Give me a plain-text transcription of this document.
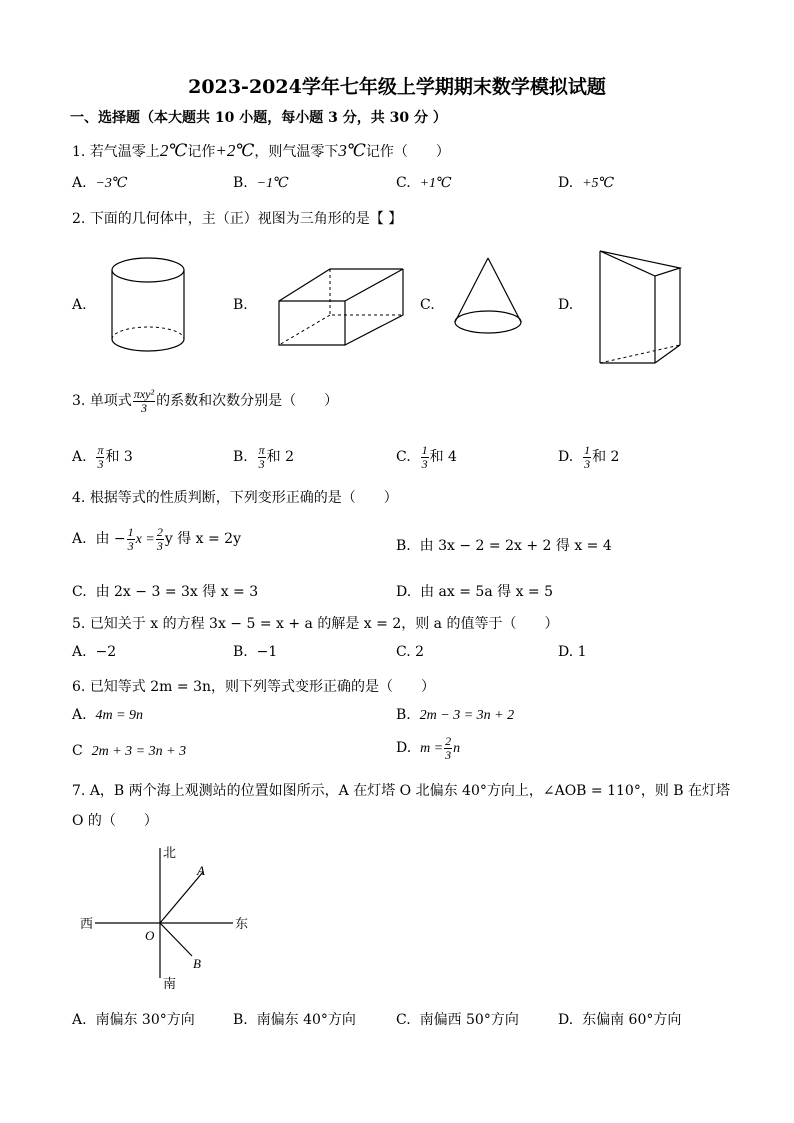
2023-2024学年七年级上学期期末数学模拟试题
一、选择题（本大题共 10 小题，每小题 3 分，共 30 分 ）
1. 若气温零上2℃记作+2℃，则气温零下3℃记作（　　）
A. −3℃	B. −1℃	C. +1℃	D. +5℃
2. 下面的几何体中，主（正）视图为三角形的是【 】
A.	B.	C.	D.
3. 单项式 $\frac{\text{πxy²}}{3}$ 的系数和次数分别是（　　）
A. $\frac{\pi}{3}$ 和 3	B. $\frac{\pi}{3}$ 和 2	C. $\frac{1}{3}$ 和 4	D. $\frac{1}{3}$ 和 2
4. 根据等式的性质判断，下列变形正确的是（　　）
A. 由 − $\frac{1}{3}$ $x = \frac{2}{3}$ y 得 x = 2y	B. 由 3x − 2 = 2x + 2 得 x = 4
C. 由 2x − 3 = 3x 得 x = 3	D. 由 ax = 5a 得 x = 5
5. 已知关于 x 的方程 3x − 5 = x + a 的解是 x = 2，则 a 的值等于（　　）
A. −2	B. −1	C. 2	D. 1
6. 已知等式 2m = 3n，则下列等式变形正确的是（　　）
A. 4m = 9n	B. 2m − 3 = 3n + 2
C 2m + 3 = 3n + 3	D. $m = \frac{2}{3}$ n
7. A，B 两个海上观测站的位置如图所示，A 在灯塔 O 北偏东 40°方向上，∠AOB = 110°，则 B 在灯塔
O 的（　　）
北
南
西	东
O
A
B
A. 南偏东 30°方向	B. 南偏东 40°方向	C. 南偏西 50°方向	D. 东偏南 60°方向
